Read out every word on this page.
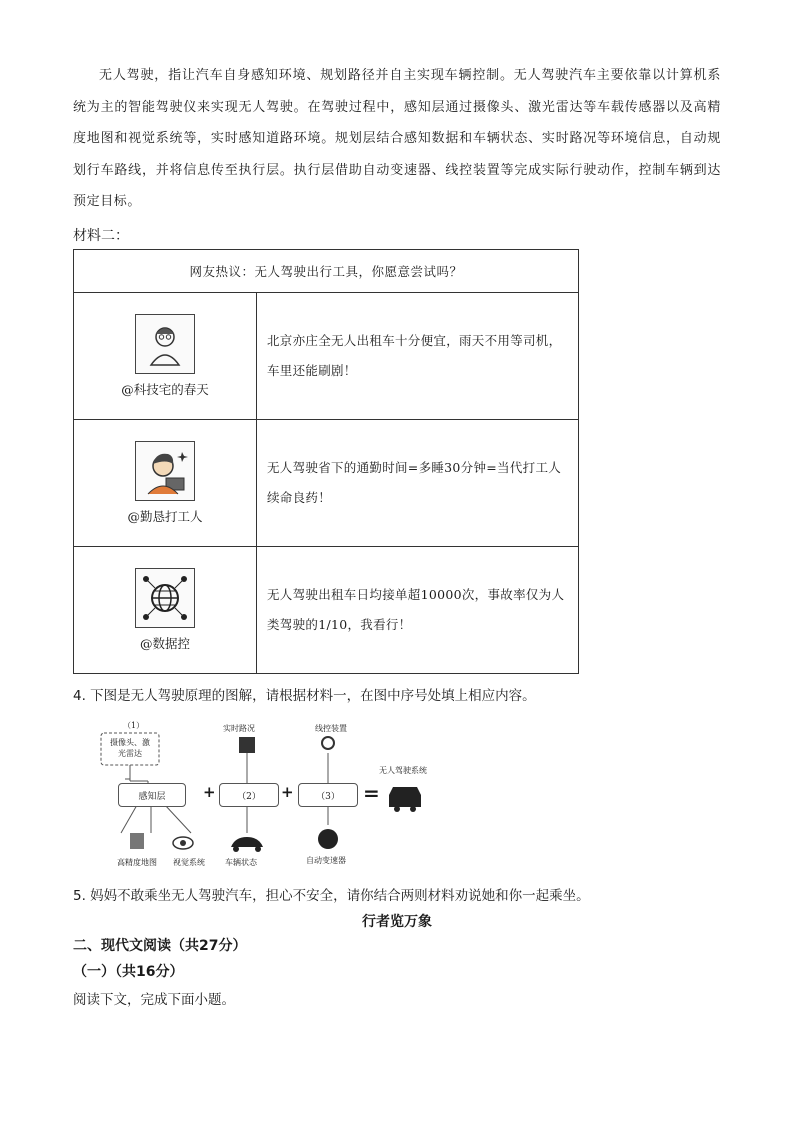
无人驾驶，指让汽车自身感知环境、规划路径并自主实现车辆控制。无人驾驶汽车主要依靠以计算机系统为主的智能驾驶仪来实现无人驾驶。在驾驶过程中，感知层通过摄像头、激光雷达等车载传感器以及高精度地图和视觉系统等，实时感知道路环境。规划层结合感知数据和车辆状态、实时路况等环境信息，自动规划行车路线，并将信息传至执行层。执行层借助自动变速器、线控装置等完成实际行驶动作，控制车辆到达预定目标。
材料二：
网友热议：无人驾驶出行工具，你愿意尝试吗？	

@科技宅的春天	北京亦庄全无人出租车十分便宜，雨天不用等司机，车里还能刷剧！

@勤恳打工人	无人驾驶省下的通勤时间=多睡30分钟=当代打工人续命良药！

@数据控	无人驾驶出租车日均接单超10000次，事故率仅为人类驾驶的1/10，我看行！
4. 下图是无人驾驶原理的图解，请根据材料一，在图中序号处填上相应内容。
（1）
摄像头、激光雷达
感知层	+	（2）	+	（3）	=
实时路况	线控装置
无人驾驶系统
高精度地图 视觉系统	车辆状态	自动变速器
5. 妈妈不敢乘坐无人驾驶汽车，担心不安全，请你结合两则材料劝说她和你一起乘坐。
行者览万象
二、现代文阅读（共27分）
（一）（共16分）
阅读下文，完成下面小题。
